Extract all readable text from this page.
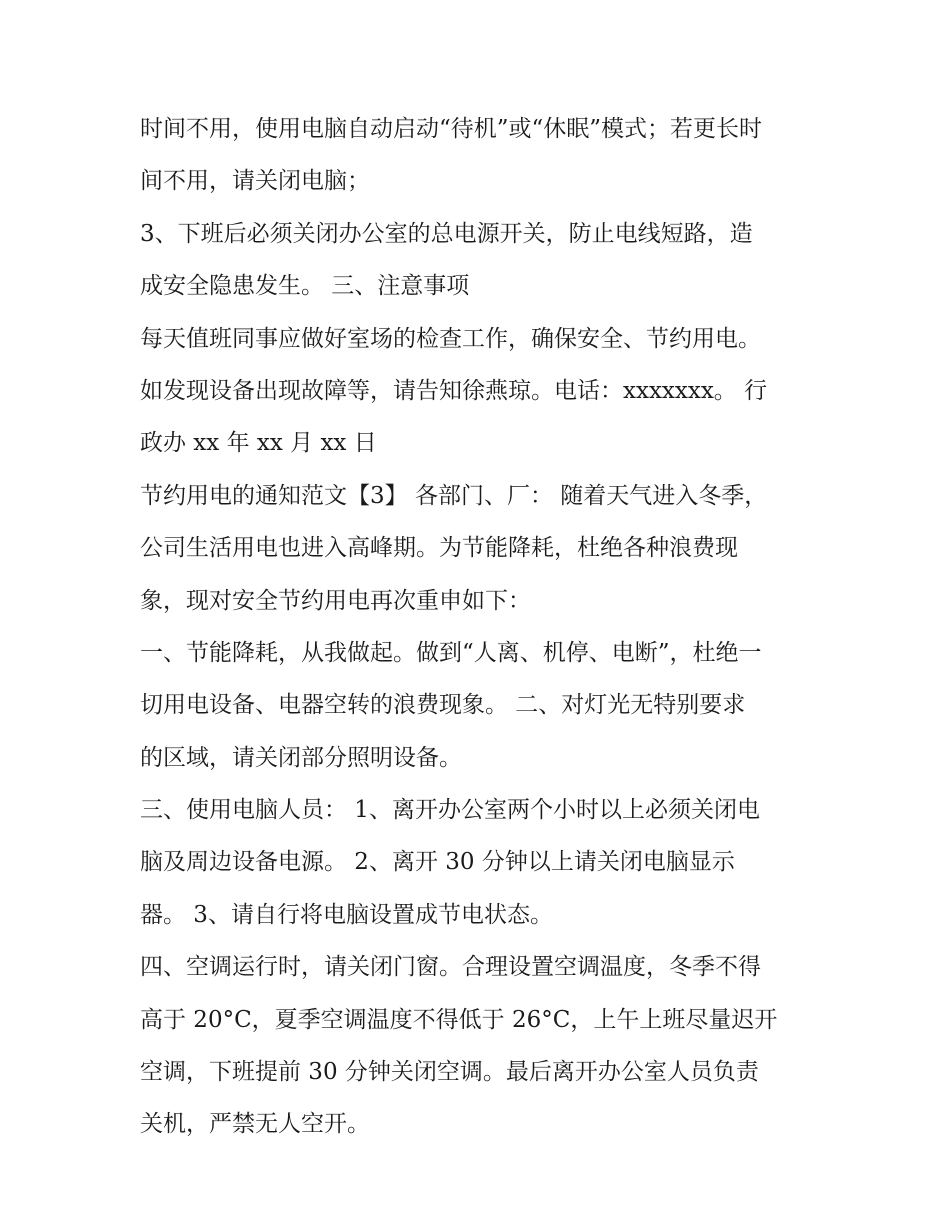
时间不用，使用电脑自动启动“待机”或“休眠”模式；若更长时
间不用，请关闭电脑；
3、下班后必须关闭办公室的总电源开关，防止电线短路，造
成安全隐患发生。 三、注意事项
每天值班同事应做好室场的检查工作，确保安全、节约用电。
如发现设备出现故障等，请告知徐燕琼。电话：xxxxxxx。 行
政办 xx 年 xx 月 xx 日
节约用电的通知范文【3】 各部门、厂： 随着天气进入冬季，
公司生活用电也进入高峰期。为节能降耗，杜绝各种浪费现
象，现对安全节约用电再次重申如下：
一、节能降耗，从我做起。做到“人离、机停、电断”，杜绝一
切用电设备、电器空转的浪费现象。 二、对灯光无特别要求
的区域，请关闭部分照明设备。
三、使用电脑人员： 1、离开办公室两个小时以上必须关闭电
脑及周边设备电源。 2、离开 30 分钟以上请关闭电脑显示
器。 3、请自行将电脑设置成节电状态。
四、空调运行时，请关闭门窗。合理设置空调温度，冬季不得
高于 20°C，夏季空调温度不得低于 26°C，上午上班尽量迟开
空调，下班提前 30 分钟关闭空调。最后离开办公室人员负责
关机，严禁无人空开。
